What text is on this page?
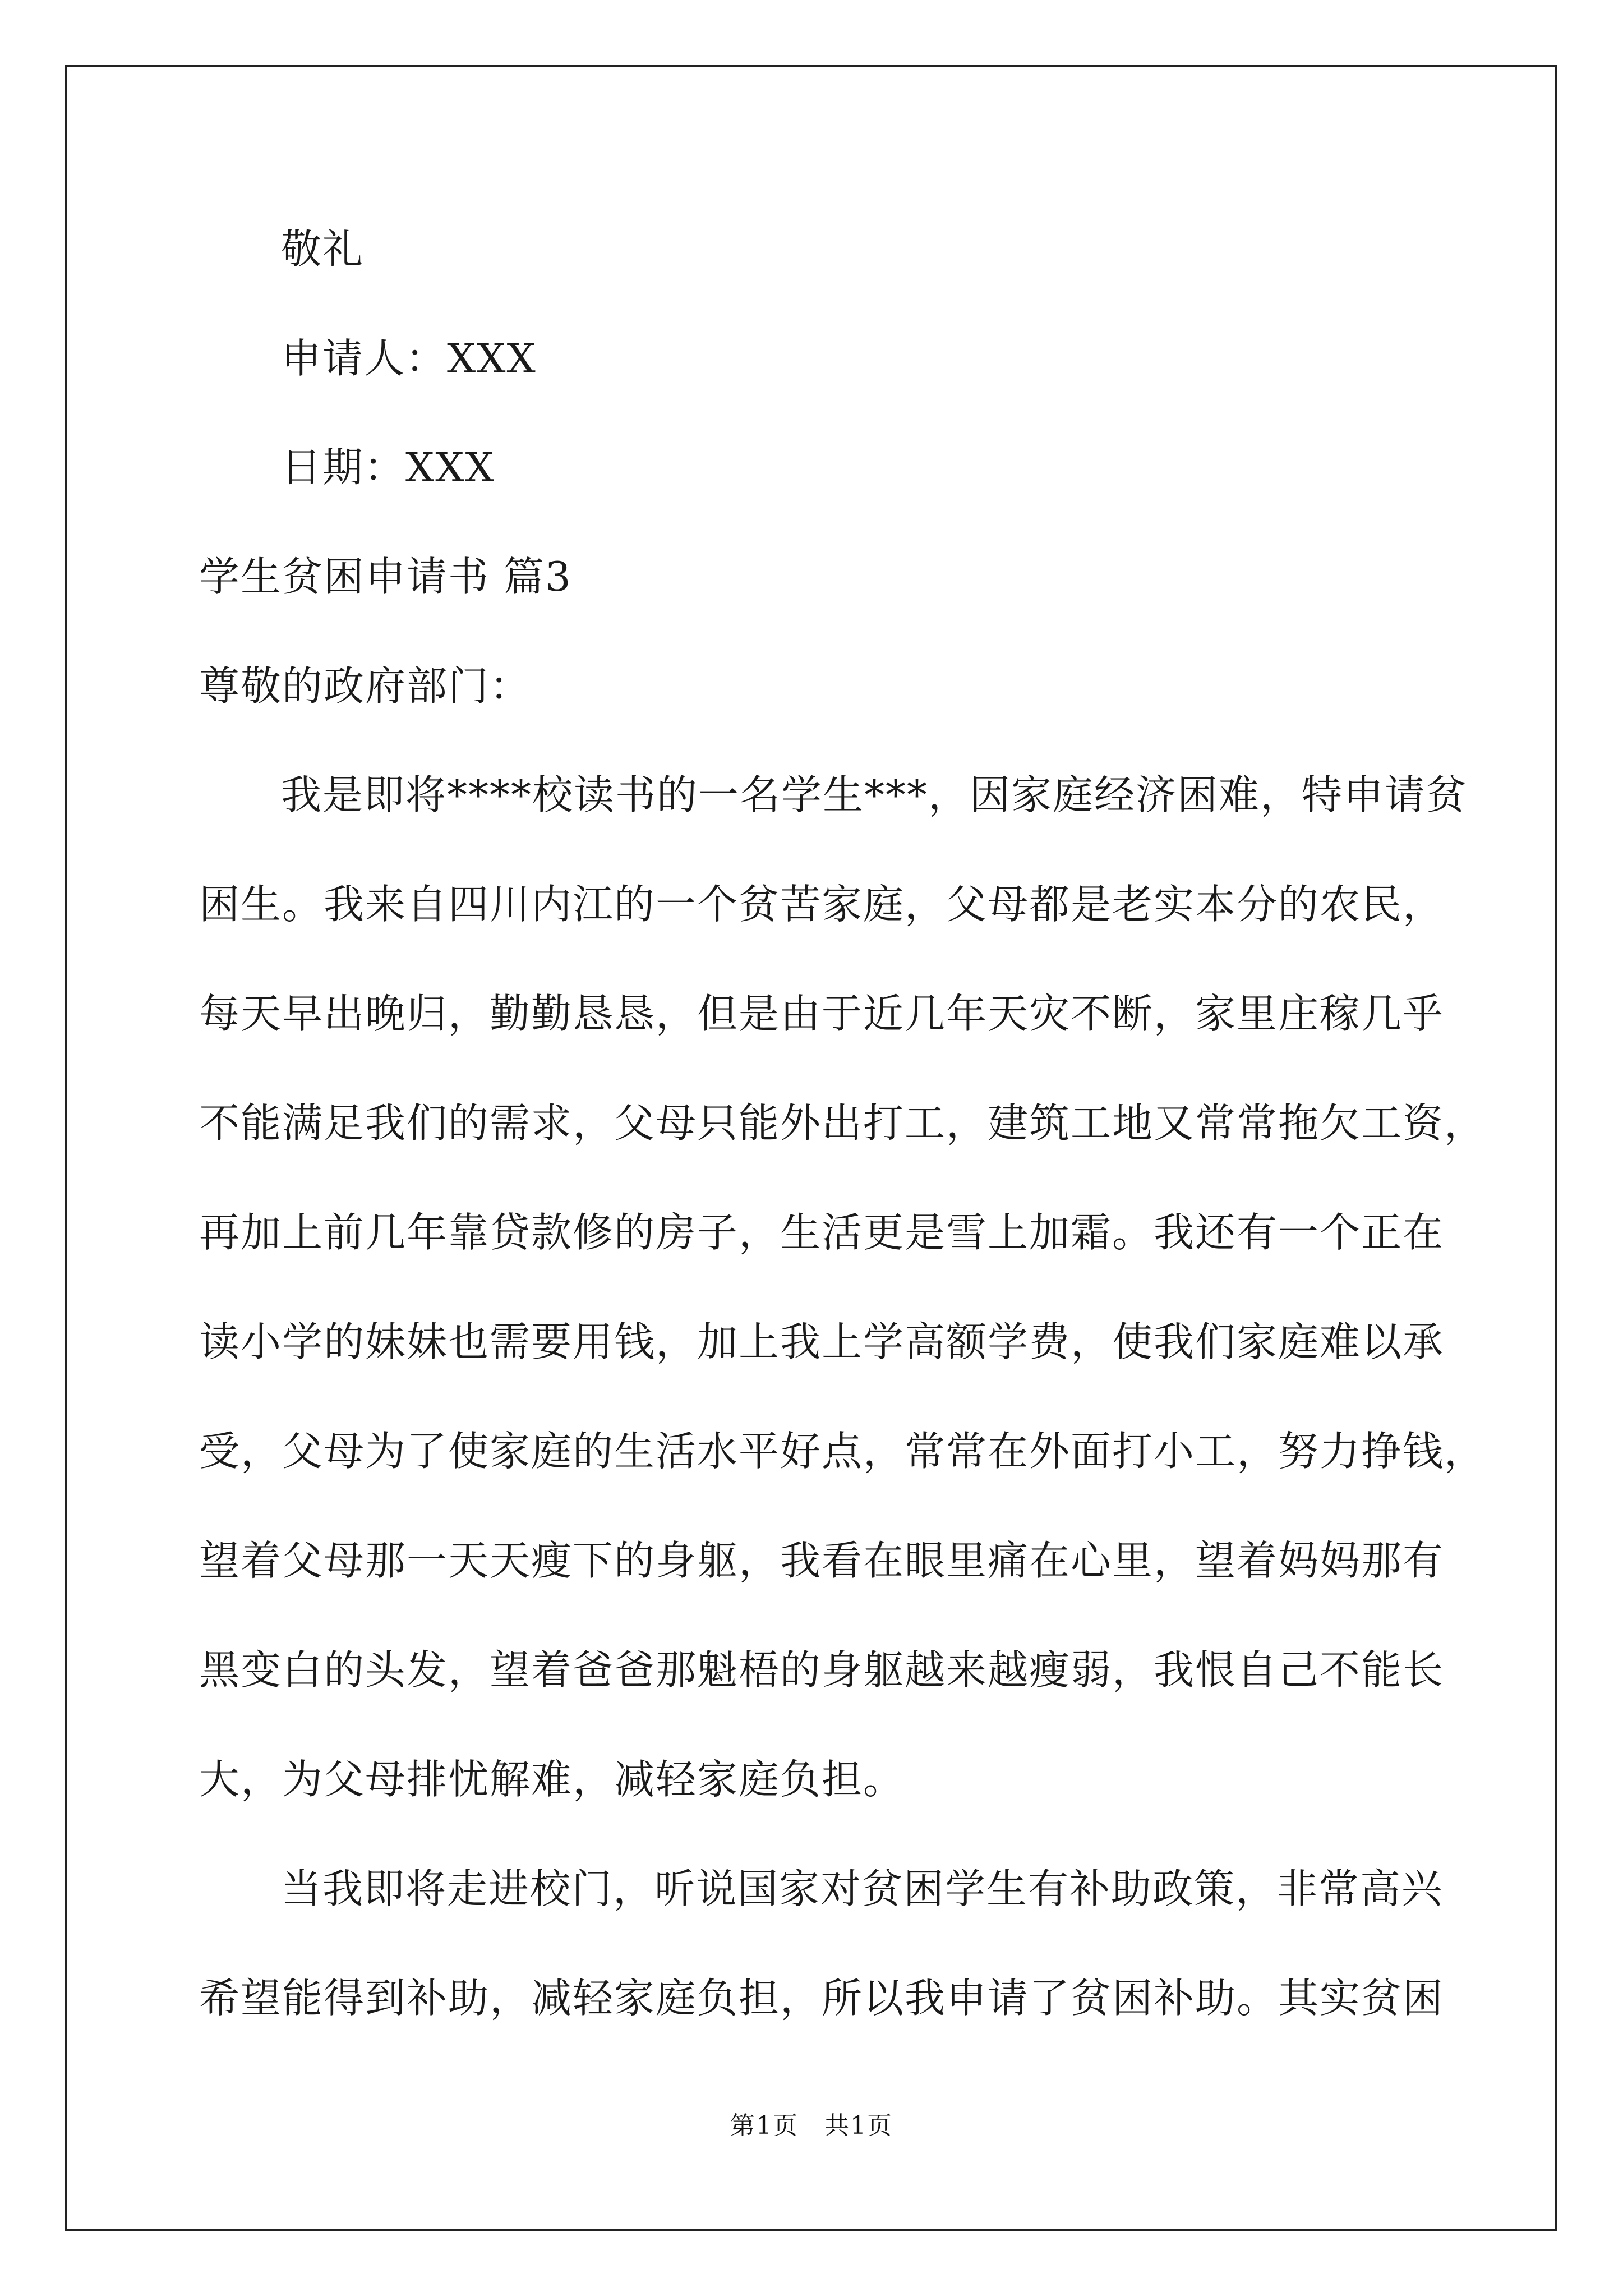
敬礼
申请人：XXX
日期：XXX
学生贫困申请书 篇3
尊敬的政府部门：
我是即将****校读书的一名学生***，因家庭经济困难，特申请贫
困生。我来自四川内江的一个贫苦家庭，父母都是老实本分的农民，
每天早出晚归，勤勤恳恳，但是由于近几年天灾不断，家里庄稼几乎
不能满足我们的需求，父母只能外出打工，建筑工地又常常拖欠工资，
再加上前几年靠贷款修的房子，生活更是雪上加霜。我还有一个正在
读小学的妹妹也需要用钱，加上我上学高额学费，使我们家庭难以承
受，父母为了使家庭的生活水平好点，常常在外面打小工，努力挣钱，
望着父母那一天天瘦下的身躯，我看在眼里痛在心里，望着妈妈那有
黑变白的头发，望着爸爸那魁梧的身躯越来越瘦弱，我恨自己不能长
大，为父母排忧解难，减轻家庭负担。
当我即将走进校门，听说国家对贫困学生有补助政策，非常高兴
希望能得到补助，减轻家庭负担，所以我申请了贫困补助。其实贫困
第1页　共1页
